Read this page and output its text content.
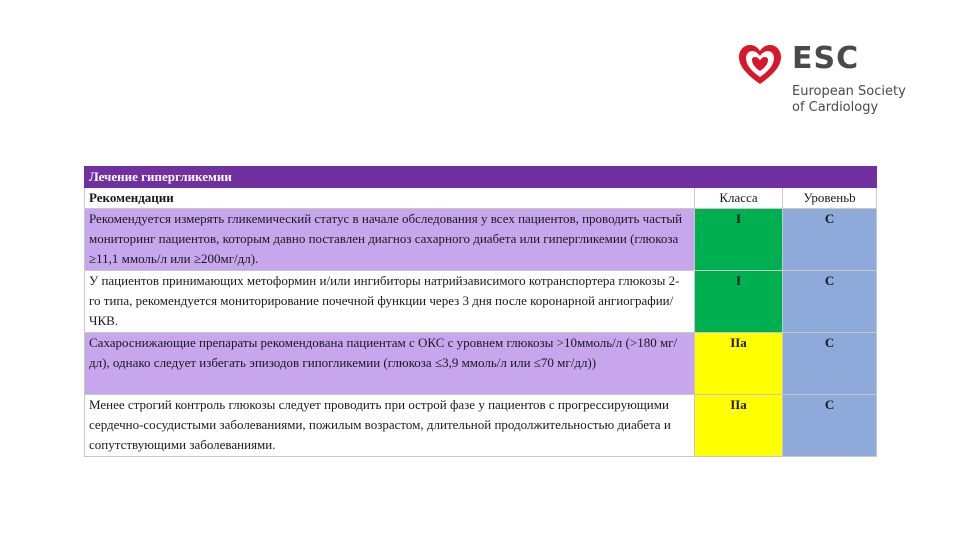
ESC
European Society
of Cardiology
Лечение гипергликемии		
Рекомендации	Классa	Уровеньb
Рекомендуется измерять гликемический статус в начале обследования у всех пациентов, проводить частый мониторинг пациентов, которым давно поставлен диагноз сахарного диабета или гипергликемии (глюкоза ≥11,1 ммоль/л или ≥200мг/дл).	I	C
У пациентов принимающих метоформин и/или ингибиторы натрийзависимого котранспортера глюкозы 2-го типа, рекомендуется мониторирование почечной функции через 3 дня после коронарной ангиографии/ЧКВ.	I	C
Сахароснижающие препараты рекомендована пациентам с ОКС с уровнем глюкозы >10ммоль/л (>180 мг/дл), однако следует избегать эпизодов гипогликемии (глюкоза ≤3,9 ммоль/л или ≤70 мг/дл))	IIa	C
Менее строгий контроль глюкозы следует проводить при острой фазе у пациентов с прогрессирующими сердечно-сосудистыми заболеваниями, пожилым возрастом, длительной продолжительностью диабета и сопутствующими заболеваниями.	IIa	C
